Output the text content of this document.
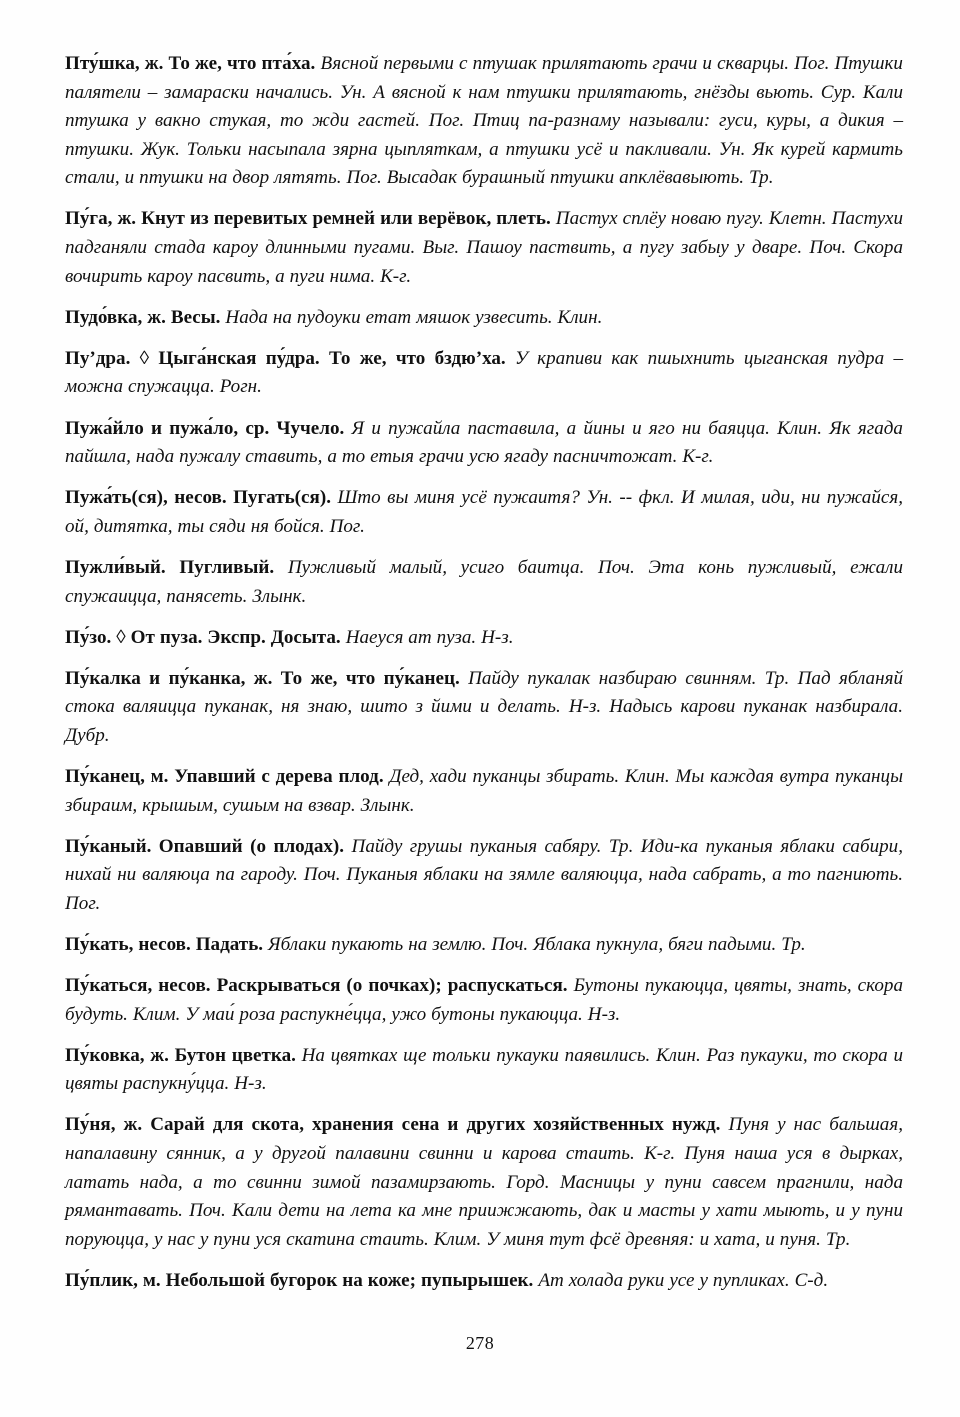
Пту́шка, ж. То же, что пта́ха. Вясной первыми с птушак прилятають грачи и скварцы. Пог. Птушки палятели – замараски начались. Ун. А вясной к нам птушки прилятають, гнёзды вьють. Сур. Кали птушка у вакно стукая, то жди гастей. Пог. Птиц па-разнаму называли: гуси, куры, а дикия – птушки. Жук. Тольки насыпала зярна цыпляткам, а птушки усё и пакливали. Ун. Як курей кармить стали, и птушки на двор лятять. Пог. Высадак бурашный птушки апклёвавыють. Тр.

Пу́га, ж. Кнут из перевитых ремней или верёвок, плеть. Пастух сплёу новаю пугу. Клетн. Пастухи падганяли стада кароу длинными пугами. Выг. Пашоу паствить, а пугу забыу у дваре. Поч. Скора вочирить кароу пасвить, а пуги нима. К-г.

Пудо́вка, ж. Весы. Нада на пудоуки етат мяшок узвесить. Клин.

Пу’дра. ◊ Цыга́нская пу́дра. То же, что бздю’ха. У крапиви как пшыхнить цыганская пудра – можна спужацца. Рогн.

Пужа́йло и пужа́ло, ср. Чучело. Я и пужайла паставила, а йины и яго ни баяцца. Клин. Як ягада пайшла, нада пужалу ставить, а то етыя грачи усю ягаду пасничтожат. К-г.

Пужа́ть(ся), несов. Пугать(ся). Што вы миня усё пужаитя? Ун. -- фкл. И милая, иди, ни пужайся, ой, дитятка, ты сяди ня бойся. Пог.

Пужли́вый. Пугливый. Пужливый малый, усиго баитца. Поч. Эта конь пужливый, ежали спужаицца, панясеть. Злынк.

Пу́зо. ◊ От пуза. Экспр. Досыта. Наеуся ат пуза. Н-з.

Пу́калка и пу́канка, ж. То же, что пу́канец. Пайду пукалак назбираю свинням. Тр. Пад ябланяй стока валяицца пуканак, ня знаю, шито з йими и делать. Н-з. Надысь карови пуканак назбирала. Дубр.

Пу́канец, м. Упавший с дерева плод. Дед, хади пуканцы збирать. Клин. Мы каждая вутра пуканцы збираим, крышым, сушым на взвар. Злынк.

Пу́каный. Опавший (о плодах). Пайду грушы пуканыя сабяру. Тр. Иди-ка пуканыя яблаки сабири, нихай ни валяюца па гароду. Поч. Пуканыя яблаки на зямле валяюцца, нада сабрать, а то пагниють. Пог.

Пу́кать, несов. Падать. Яблаки пукають на землю. Поч. Яблака пукнула, бяги падыми. Тр.

Пу́каться, несов. Раскрываться (о почках); распускаться. Бутоны пукаюцца, цвяты, знать, скора будуть. Клим. У маи́ роза распукне́цца, ужо бутоны пукаюцца. Н-з.

Пу́ковка, ж. Бутон цветка. На цвятках ще тольки пукауки паявились. Клин. Раз пукауки, то скора и цвяты распукну́цца. Н-з.

Пу́ня, ж. Сарай для скота, хранения сена и других хозяйственных нужд. Пуня у нас бальшая, напалавину сянник, а у другой палавини свинни и карова стаить. К-г. Пуня наша уся в дырках, латать нада, а то свинни зимой пазамирзають. Горд. Масницы у пуни савсем прагнили, нада рямантавать. Поч. Кали дети на лета ка мне приижжають, дак и масты у хати мыють, и у пуни поруюцца, у нас у пуни уся скатина стаить. Клим. У миня тут фсё древняя: и хата, и пуня. Тр.

Пу́плик, м. Небольшой бугорок на коже; пупырышек. Ат холада руки усе у пупликах. С-д.

278
